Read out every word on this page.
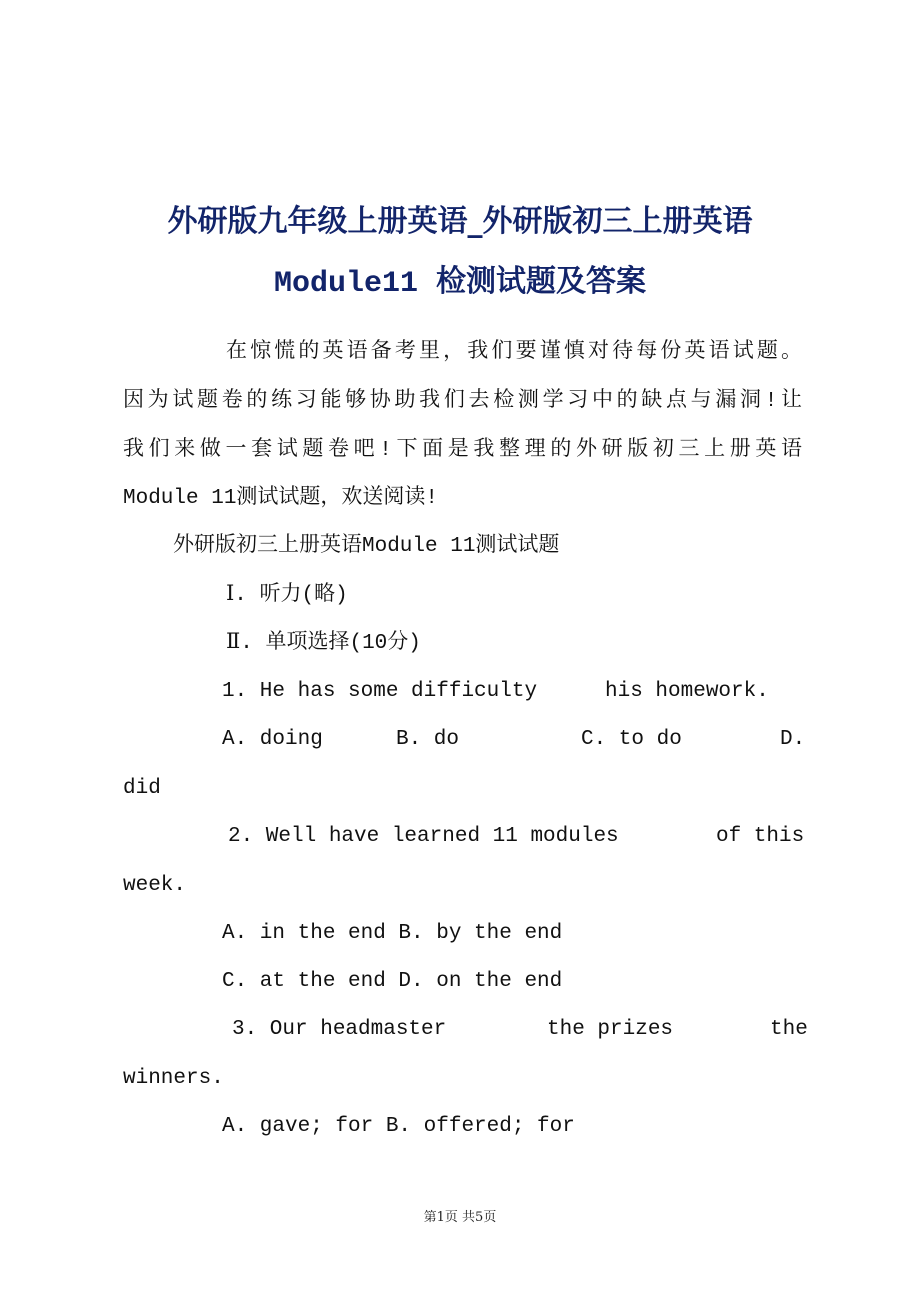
外研版九年级上册英语_外研版初三上册英语
Module11 检测试题及答案
在惊慌的英语备考里，我们要谨慎对待每份英语试题。
因为试题卷的练习能够协助我们去检测学习中的缺点与漏洞!让
我们来做一套试题卷吧!下面是我整理的外研版初三上册英语
Module 11测试试题，欢送阅读!
外研版初三上册英语Module 11测试试题
Ⅰ. 听力(略)
Ⅱ. 单项选择(10分)
1. He has some difficulty	his homework.
A. doing	B. do	C. to do	D.
did
2. Well have learned 11 modules	of this
week.
A. in the end B. by the end
C. at the end D. on the end
3. Our headmaster	the prizes	the
winners.
A. gave; for B. offered; for
第1页 共5页
